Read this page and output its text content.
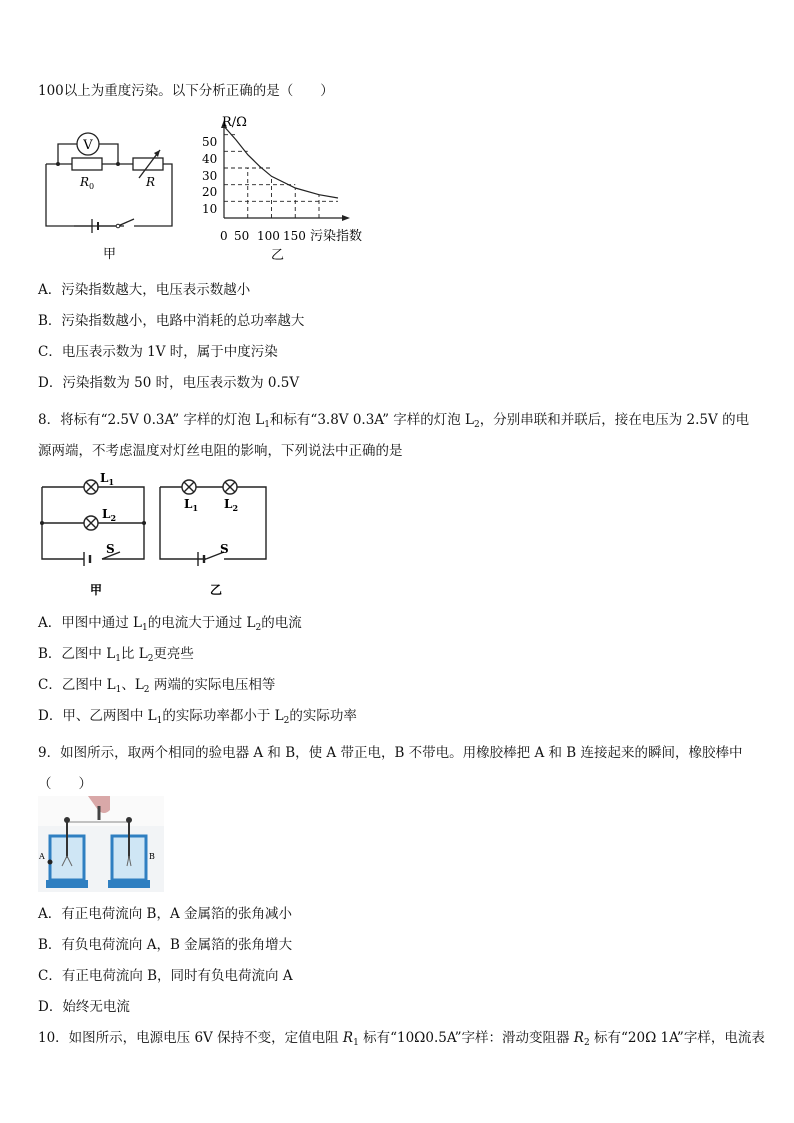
100以上为重度污染。以下分析正确的是（　　）
V
R 0	R
甲
R/Ω
50
40
30
20
10
0 50 100 150 污染指数
乙
A．污染指数越大，电压表示数越小
B．污染指数越小，电路中消耗的总功率越大
C．电压表示数为 1V 时，属于中度污染
D．污染指数为 50 时，电压表示数为 0.5V
8．将标有“2.5V 0.3A” 字样的灯泡 $L_1$和标有“3.8V 0.3A” 字样的灯泡 $L_2$，分别串联和并联后，接在电压为 2.5V 的电源两端，不考虑温度对灯丝电阻的影响，下列说法中正确的是
$L_1$
$L_2$
S
$L_1$ $L_2$
S
甲	乙
A．甲图中通过 $L_1$的电流大于通过 $L_2$的电流
B．乙图中 $L_1$比 $L_2$更亮些
C．乙图中 $L_1$、$L_2$ 两端的实际电压相等
D．甲、乙两图中 $L_1$的实际功率都小于 $L_2$的实际功率
9．如图所示，取两个相同的验电器 A 和 B，使 A 带正电，B 不带电。用橡胶棒把 A 和 B 连接起来的瞬间，橡胶棒中（　　）
A	B
A．有正电荷流向 B，A 金属箔的张角减小
B．有负电荷流向 A，B 金属箔的张角增大
C．有正电荷流向 B，同时有负电荷流向 A
D．始终无电流
10．如图所示，电源电压 6V 保持不变，定值电阻 $R_1$ 标有“10Ω0.5A”字样：滑动变阻器 $R_2$ 标有“20Ω 1A”字样，电流表
